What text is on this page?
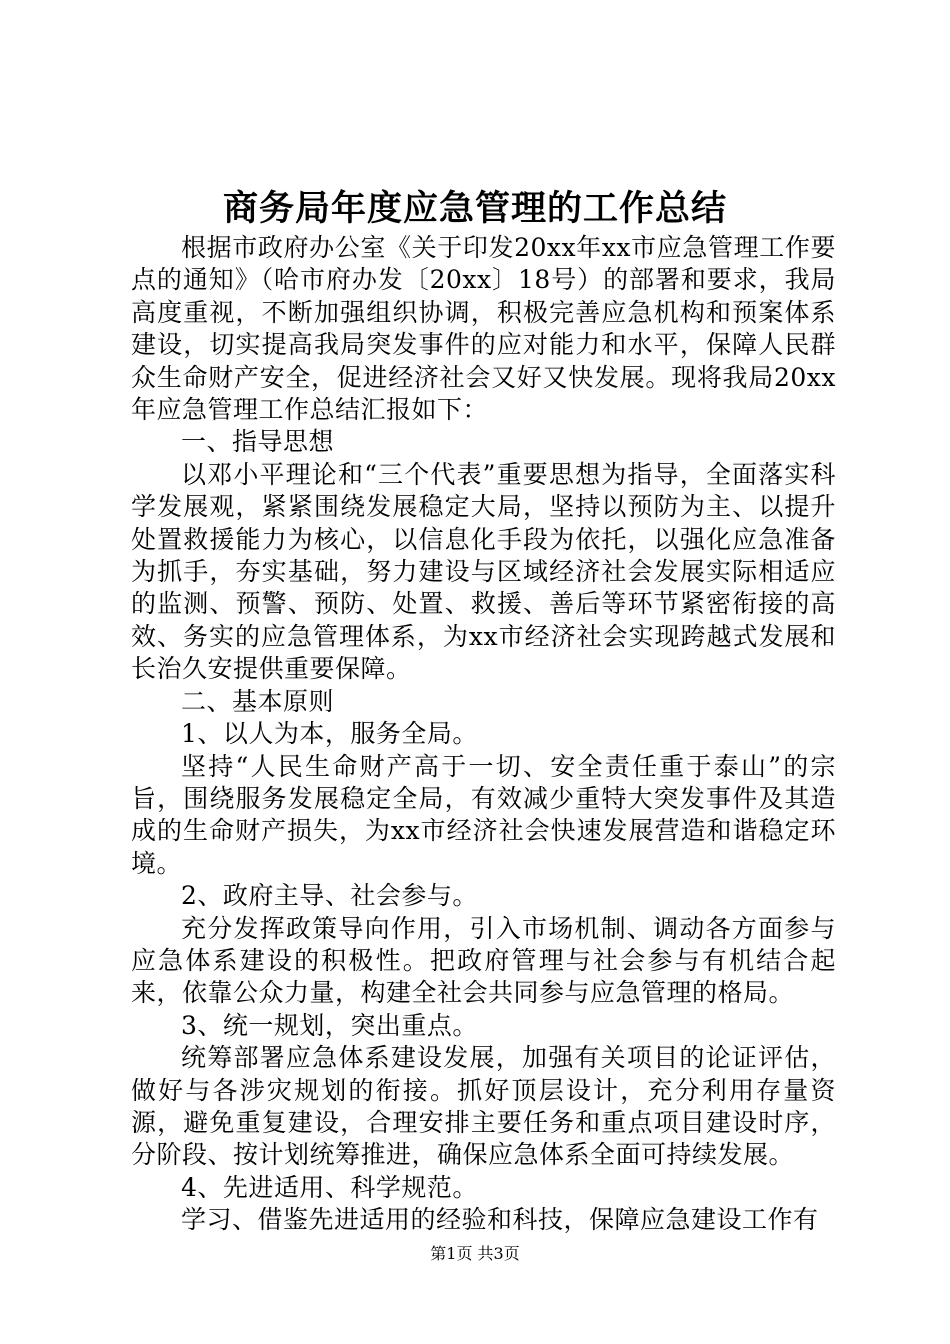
商务局年度应急管理的工作总结

根据市政府办公室《关于印发20xx年xx市应急管理工作要点的通知》（哈市府办发〔20xx〕18号）的部署和要求，我局高度重视，不断加强组织协调，积极完善应急机构和预案体系建设，切实提高我局突发事件的应对能力和水平，保障人民群众生命财产安全，促进经济社会又好又快发展。现将我局20xx年应急管理工作总结汇报如下：

一、指导思想

以邓小平理论和“三个代表”重要思想为指导，全面落实科学发展观，紧紧围绕发展稳定大局，坚持以预防为主、以提升处置救援能力为核心，以信息化手段为依托，以强化应急准备为抓手，夯实基础，努力建设与区域经济社会发展实际相适应的监测、预警、预防、处置、救援、善后等环节紧密衔接的高效、务实的应急管理体系，为xx市经济社会实现跨越式发展和长治久安提供重要保障。

二、基本原则

1、以人为本，服务全局。

坚持“人民生命财产高于一切、安全责任重于泰山”的宗旨，围绕服务发展稳定全局，有效减少重特大突发事件及其造成的生命财产损失，为xx市经济社会快速发展营造和谐稳定环境。

2、政府主导、社会参与。

充分发挥政策导向作用，引入市场机制、调动各方面参与应急体系建设的积极性。把政府管理与社会参与有机结合起来，依靠公众力量，构建全社会共同参与应急管理的格局。

3、统一规划，突出重点。

统筹部署应急体系建设发展，加强有关项目的论证评估，做好与各涉灾规划的衔接。抓好顶层设计，充分利用存量资源，避免重复建设，合理安排主要任务和重点项目建设时序，分阶段、按计划统筹推进，确保应急体系全面可持续发展。

4、先进适用、科学规范。

学习、借鉴先进适用的经验和科技，保障应急建设工作有

第1页 共3页
